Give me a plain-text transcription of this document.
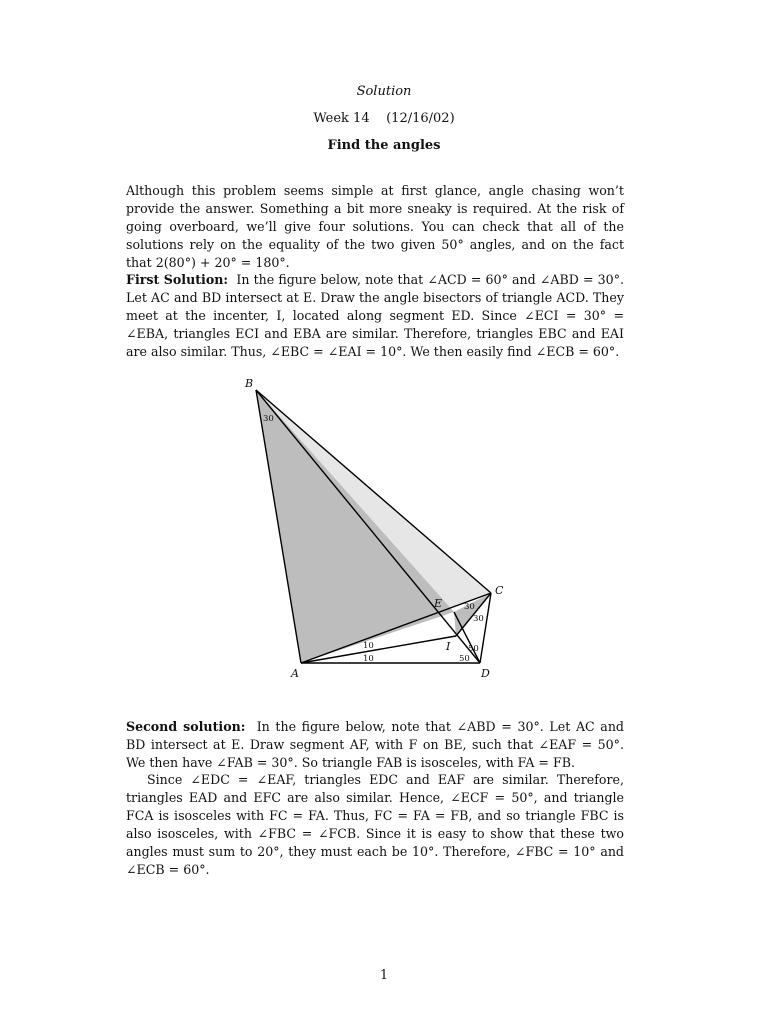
Solution
Week 14    (12/16/02)
Find the angles

Although this problem seems simple at first glance, angle chasing won’t provide the answer. Something a bit more sneaky is required. At the risk of going overboard, we’ll give four solutions. You can check that all of the solutions rely on the equality of the two given 50° angles, and on the fact that 2(80°) + 20° = 180°.

First Solution: In the figure below, note that ∠ACD = 60° and ∠ABD = 30°. Let AC and BD intersect at E. Draw the angle bisectors of triangle ACD. They meet at the incenter, I, located along segment ED. Since ∠ECI = 30° = ∠EBA, triangles ECI and EBA are similar. Therefore, triangles EBC and EAI are also similar. Thus, ∠EBC = ∠EAI = 10°. We then easily find ∠ECB = 60°.

B
C
E
I
A	D
30
30
30
10
10
50
50

Second solution: In the figure below, note that ∠ABD = 30°. Let AC and BD intersect at E. Draw segment AF, with F on BE, such that ∠EAF = 50°. We then have ∠FAB = 30°. So triangle FAB is isosceles, with FA = FB.

Since ∠EDC = ∠EAF, triangles EDC and EAF are similar. Therefore, triangles EAD and EFC are also similar. Hence, ∠ECF = 50°, and triangle FCA is isosceles with FC = FA. Thus, FC = FA = FB, and so triangle FBC is also isosceles, with ∠FBC = ∠FCB. Since it is easy to show that these two angles must sum to 20°, they must each be 10°. Therefore, ∠FBC = 10° and ∠ECB = 60°.

1
